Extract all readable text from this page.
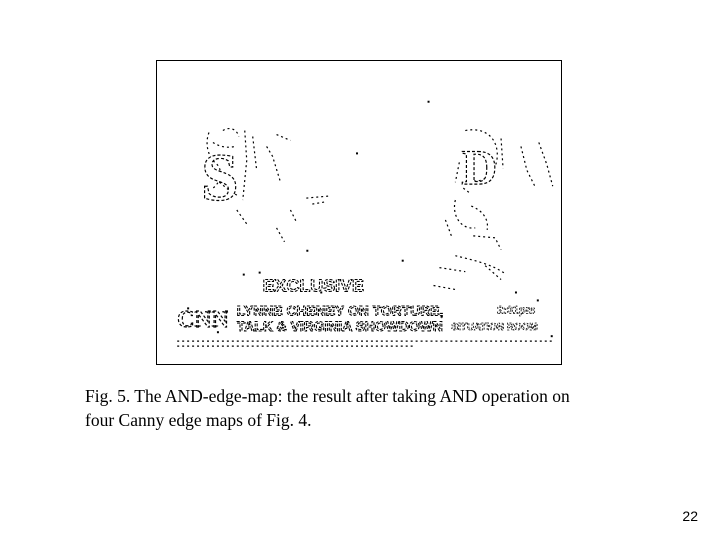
S	D
EXCLUSIVE
LYNNE CHENEY ON TORTURE,
TALK & VIRGINIA SHOWDOWN
CNN	2:01pm
SITUATION ROOM

Fig. 5. The AND-edge-map: the result after taking AND operation on
four Canny edge maps of Fig. 4.

22
